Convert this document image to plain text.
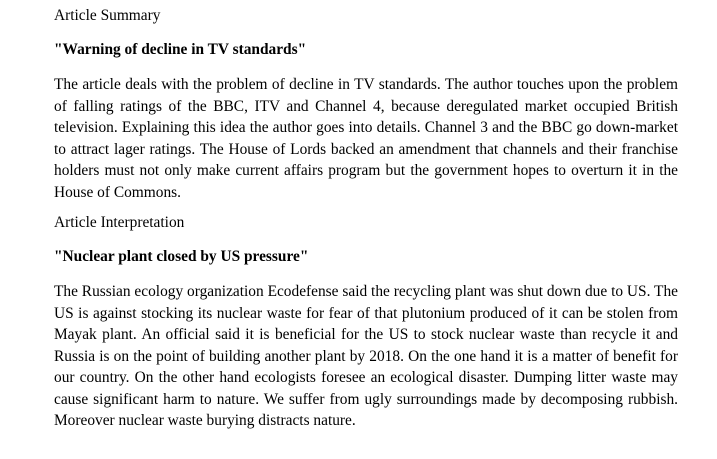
Article Summary

"Warning of decline in TV standards"

The article deals with the problem of decline in TV standards. The author touches upon the problem of falling ratings of the BBC, ITV and Channel 4, because deregulated market occupied British television. Explaining this idea the author goes into details. Channel 3 and the BBC go down-market to attract lager ratings. The House of Lords backed an amendment that channels and their franchise holders must not only make current affairs program but the government hopes to overturn it in the House of Commons.

Article Interpretation

"Nuclear plant closed by US pressure"

The Russian ecology organization Ecodefense said the recycling plant was shut down due to US. The US is against stocking its nuclear waste for fear of that plutonium produced of it can be stolen from Mayak plant. An official said it is beneficial for the US to stock nuclear waste than recycle it and Russia is on the point of building another plant by 2018. On the one hand it is a matter of benefit for our country. On the other hand ecologists foresee an ecological disaster. Dumping litter waste may cause significant harm to nature. We suffer from ugly surroundings made by decomposing rubbish. Moreover nuclear waste burying distracts nature.
